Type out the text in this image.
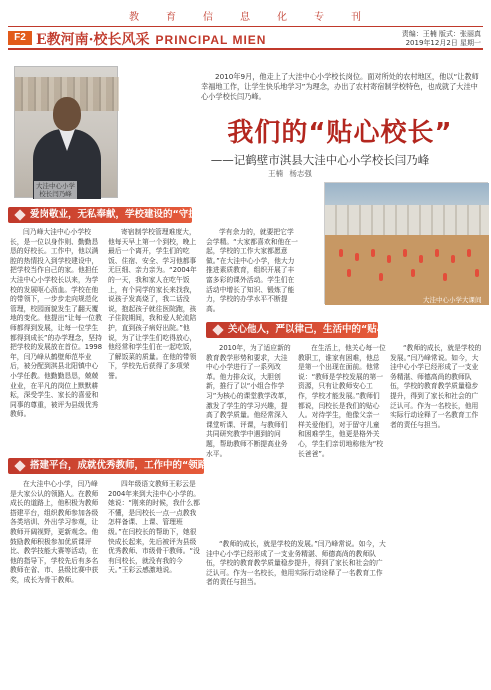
教	育	信	息	化	专	刊
F2 E教河南·校长风采 PRINCIPAL MIEN	责编：王楠 版式：张丽真
2019年12月2日 星期一
大洼中心小学
校长闫乃峰
2010年9月，他走上了大洼中心小学校长岗位。面对所处的农村地区，他以“让教师幸福地工作，让学生快乐地学习”为理念，办出了农村寄宿制学校特色，也成就了大洼中心小学校长闫乃峰。
我们的“贴心校长”
——记鹤壁市淇县大洼中心小学校长闫乃峰
王楠 杨志强
大洼中心小学大课间操
爱岗敬业，无私奉献，学校建设的“守护人”

闫乃峰大洼中心小学校长，是一位以身作则、勤勤恳恳的好校长。工作中，他以满腔的热情投入到学校建设中，把学校当作自己的家。他担任大洼中心小学校长以来，为学校的发展呕心沥血。学校在他的带领下，一步步走向规范化管理，校园面貌发生了翻天覆地的变化。他提出“让每一位教师都得到发展，让每一位学生都得到成长”的办学理念，坚持把学校的发展放在首位。1998年，闫乃峰从鹤壁师范毕业后，被分配到淇县北阳镇中心小学任教。他勤勤恳恳，兢兢业业，在平凡的岗位上默默耕耘，深受学生、家长的喜爱和同事的尊重，被评为县级优秀教师。

寄宿制学校管理难度大，他每天早上第一个到校，晚上最后一个离开，学生们的吃饭、住宿、安全、学习他都事无巨细、亲力亲为。“2004年的一天，我和家人在吃午饭上，有个同学的家长来找我，说孩子发高烧了，我二话没说，抱起孩子就往医院跑，孩子住院期间，我和爱人轮流陪护，直到孩子病好出院。”他说，为了让学生们吃得放心，他经常和学生们在一起吃饭，了解饭菜的质量。在他的带领下，学校先后获得了多项荣誉。

学有余力的，就要把它学会学精。“大家都喜欢和他在一起，学校的工作大家都愿意做。”在大洼中心小学，他大力推进素质教育，组织开展了丰富多彩的课外活动。学生们在活动中增长了知识、锻炼了能力，学校的办学水平不断提高。

关心他人，严以律己，生活中的“贴心人”

2010年，为了适应新的教育教学形势和要求，大洼中心小学进行了一系列改革。他力排众议，大胆创新，推行了以“小组合作学习”为核心的课堂教学改革，激发了学生的学习兴趣，提高了教学质量。他经常深入课堂听课、评课，与教师们共同研究教学中遇到的问题，帮助教师不断提高业务水平。

在生活上，他关心每一位教职工，谁家有困难，他总是第一个出现在面前。他常说：“教师是学校发展的第一资源，只有让教师安心工作，学校才能发展。”教师们都说，闫校长是我们的贴心人。对待学生，他像父亲一样关爱他们，对于留守儿童和困难学生，他更是格外关心，学生们亲切地称他为“校长爸爸”。

“教师的成长，就是学校的发展。”闫乃峰常说。如今，大洼中心小学已经形成了一支业务精湛、师德高尚的教师队伍，学校的教育教学质量稳步提升，得到了家长和社会的广泛认可。作为一名校长，他用实际行动诠释了一名教育工作者的责任与担当。

搭建平台，成就优秀教师，工作中的“领路人”

在大洼中心小学，闫乃峰是大家公认的领路人。在教师成长的道路上，他积极为教师搭建平台，组织教师参加各级各类培训、外出学习参观，让教师开阔视野，更新观念。他鼓励教师积极参加优质课评比、教学技能大赛等活动，在他的指导下，学校先后有多名教师在省、市、县级比赛中获奖，成长为骨干教师。

四年级语文教师王彩云是2004年来到大洼中心小学的。她说：“刚来的时候，我什么都不懂，是闫校长一点一点教我怎样备课、上课、管理班级。”在闫校长的帮助下，她很快成长起来，先后被评为县级优秀教师、市级骨干教师。“没有闫校长，就没有我的今天。”王彩云感激地说。

“教师的成长，就是学校的发展。”闫乃峰常说。如今，大洼中心小学已经形成了一支业务精湛、师德高尚的教师队伍，学校的教育教学质量稳步提升，得到了家长和社会的广泛认可。作为一名校长，他用实际行动诠释了一名教育工作者的责任与担当。
